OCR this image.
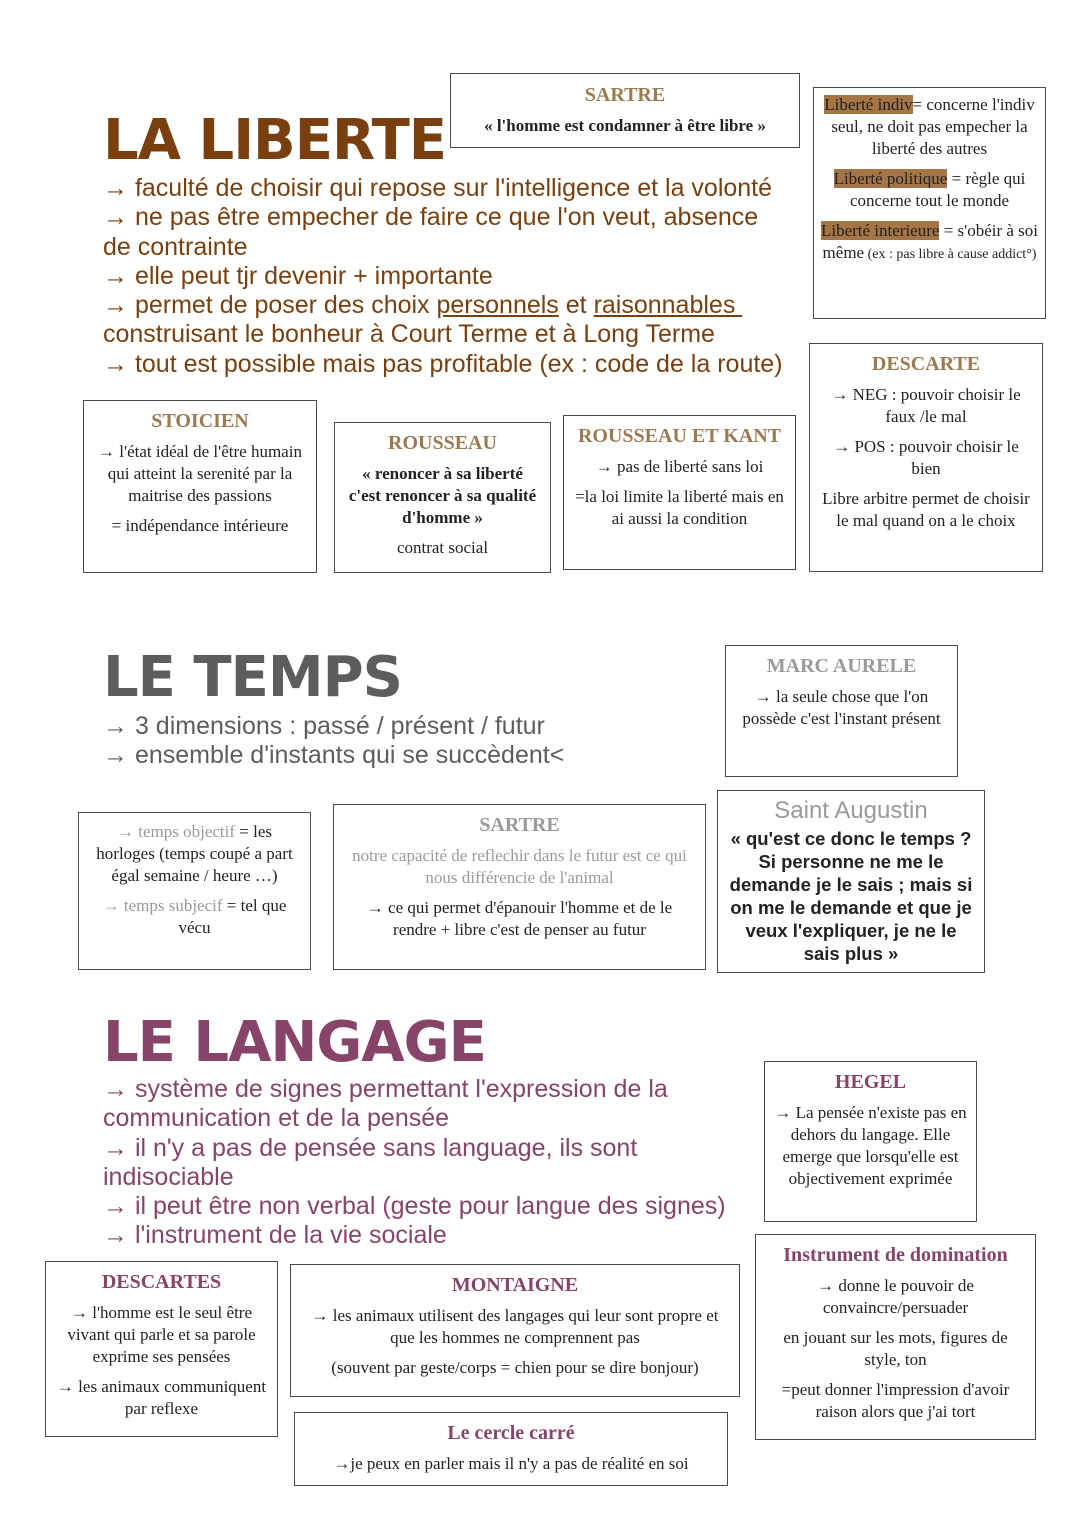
LA LIBERTE
→ faculté de choisir qui repose sur l'intelligence et la volonté
→ ne pas être empecher de faire ce que l'on veut, absence
de contrainte
→ elle peut tjr devenir + importante
→ permet de poser des choix personnels et raisonnables
construisant le bonheur à Court Terme et à Long Terme
→ tout est possible mais pas profitable (ex : code de la route)
SARTRE
« l'homme est condamner à être libre »

Liberté indiv= concerne l'indiv seul, ne doit pas empecher la liberté des autres

Liberté politique = règle qui concerne tout le monde

Liberté interieure = s'obéir à soi même (ex : pas libre à cause addict°)

DESCARTE

→ NEG : pouvoir choisir le faux /le mal

→ POS : pouvoir choisir le bien

Libre arbitre permet de choisir le mal quand on a le choix

STOICIEN

→ l'état idéal de l'être humain qui atteint la serenité par la maitrise des passions

= indépendance intérieure

ROUSSEAU

« renoncer à sa liberté c'est renoncer à sa qualité d'homme »

contrat social

ROUSSEAU ET KANT

→ pas de liberté sans loi

=la loi limite la liberté mais en ai aussi la condition

LE TEMPS
→ 3 dimensions : passé / présent / futur
→ ensemble d'instants qui se succèdent<
MARC AURELE

→ la seule chose que l'on possède c'est l'instant présent

→ temps objectif = les horloges (temps coupé a part égal semaine / heure …)

→ temps subjecif = tel que vécu

SARTRE

notre capacité de reflechir dans le futur est ce qui nous différencie de l'animal

→ ce qui permet d'épanouir l'homme et de le rendre + libre c'est de penser au futur

Saint Augustin
« qu'est ce donc le temps ? Si personne ne me le demande je le sais ; mais si on me le demande et que je veux l'expliquer, je ne le sais plus »
LE LANGAGE
→ système de signes permettant l'expression de la
communication et de la pensée
→ il n'y a pas de pensée sans language, ils sont
indisociable
→ il peut être non verbal (geste pour langue des signes)
→ l'instrument de la vie sociale
HEGEL

→ La pensée n'existe pas en dehors du langage. Elle emerge que lorsqu'elle est objectivement exprimée

Instrument de domination

→ donne le pouvoir de convaincre/persuader

en jouant sur les mots, figures de style, ton

=peut donner l'impression d'avoir raison alors que j'ai tort

DESCARTES

→ l'homme est le seul être vivant qui parle et sa parole exprime ses pensées

→ les animaux communiquent par reflexe

MONTAIGNE

→ les animaux utilisent des langages qui leur sont propre et que les hommes ne comprennent pas

(souvent par geste/corps = chien pour se dire bonjour)

Le cercle carré

→je peux en parler mais il n'y a pas de réalité en soi
